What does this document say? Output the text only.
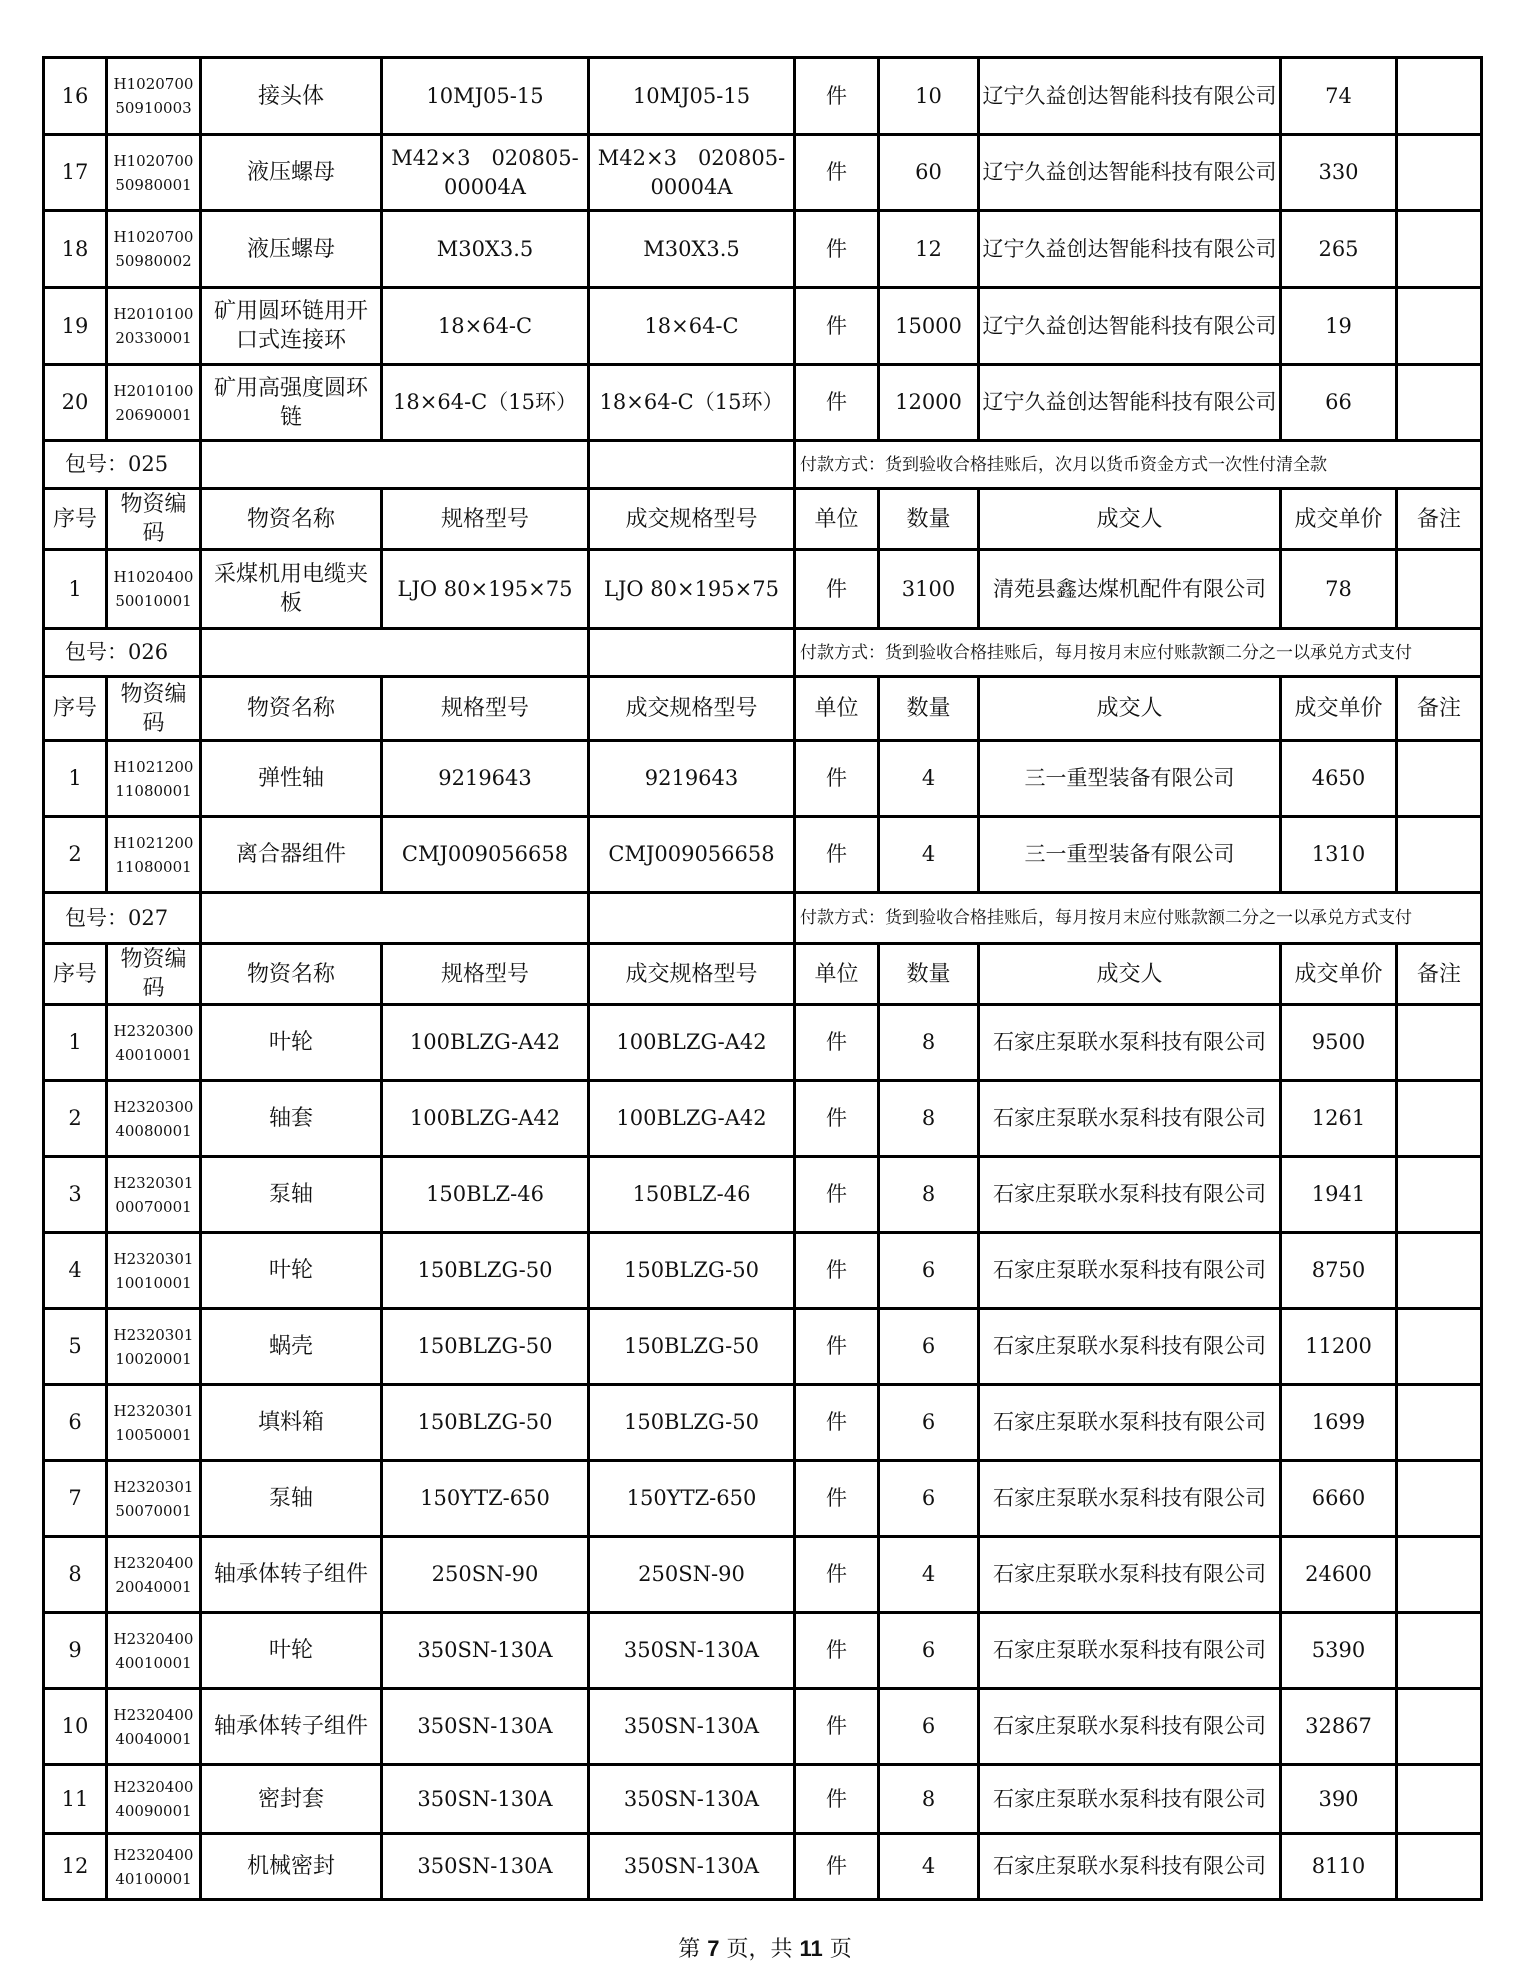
16	H1020700 50910003	接头体	10MJ05-15	10MJ05-15	件	10	辽宁久益创达智能科技有限公司	74	
17	H1020700 50980001	液压螺母	M42×3　020805-00004A	M42×3　020805-00004A	件	60	辽宁久益创达智能科技有限公司	330	
18	H1020700 50980002	液压螺母	M30X3.5	M30X3.5	件	12	辽宁久益创达智能科技有限公司	265	
19	H2010100 20330001	矿用圆环链用开口式连接环	18×64-C	18×64-C	件	15000	辽宁久益创达智能科技有限公司	19	
20	H2010100 20690001	矿用高强度圆环链	18×64-C（15环）	18×64-C（15环）	件	12000	辽宁久益创达智能科技有限公司	66	
包号：025					付款方式：货到验收合格挂账后，次月以货币资金方式一次性付清全款				
序号	物资编码	物资名称	规格型号	成交规格型号	单位	数量	成交人	成交单价	备注
1	H1020400 50010001	采煤机用电缆夹板	LJO 80×195×75	LJO 80×195×75	件	3100	清苑县鑫达煤机配件有限公司	78	
包号：026					付款方式：货到验收合格挂账后，每月按月末应付账款额二分之一以承兑方式支付				
序号	物资编码	物资名称	规格型号	成交规格型号	单位	数量	成交人	成交单价	备注
1	H1021200 11080001	弹性轴	9219643	9219643	件	4	三一重型装备有限公司	4650	
2	H1021200 11080001	离合器组件	CMJ009056658	CMJ009056658	件	4	三一重型装备有限公司	1310	
包号：027					付款方式：货到验收合格挂账后，每月按月末应付账款额二分之一以承兑方式支付				
序号	物资编码	物资名称	规格型号	成交规格型号	单位	数量	成交人	成交单价	备注
1	H2320300 40010001	叶轮	100BLZG-A42	100BLZG-A42	件	8	石家庄泵联水泵科技有限公司	9500	
2	H2320300 40080001	轴套	100BLZG-A42	100BLZG-A42	件	8	石家庄泵联水泵科技有限公司	1261	
3	H2320301 00070001	泵轴	150BLZ-46	150BLZ-46	件	8	石家庄泵联水泵科技有限公司	1941	
4	H2320301 10010001	叶轮	150BLZG-50	150BLZG-50	件	6	石家庄泵联水泵科技有限公司	8750	
5	H2320301 10020001	蜗壳	150BLZG-50	150BLZG-50	件	6	石家庄泵联水泵科技有限公司	11200	
6	H2320301 10050001	填料箱	150BLZG-50	150BLZG-50	件	6	石家庄泵联水泵科技有限公司	1699	
7	H2320301 50070001	泵轴	150YTZ-650	150YTZ-650	件	6	石家庄泵联水泵科技有限公司	6660	
8	H2320400 20040001	轴承体转子组件	250SN-90	250SN-90	件	4	石家庄泵联水泵科技有限公司	24600	
9	H2320400 40010001	叶轮	350SN-130A	350SN-130A	件	6	石家庄泵联水泵科技有限公司	5390	
10	H2320400 40040001	轴承体转子组件	350SN-130A	350SN-130A	件	6	石家庄泵联水泵科技有限公司	32867	
11	H2320400 40090001	密封套	350SN-130A	350SN-130A	件	8	石家庄泵联水泵科技有限公司	390	
12	H2320400 40100001	机械密封	350SN-130A	350SN-130A	件	4	石家庄泵联水泵科技有限公司	8110	
第 7 页，共 11 页
